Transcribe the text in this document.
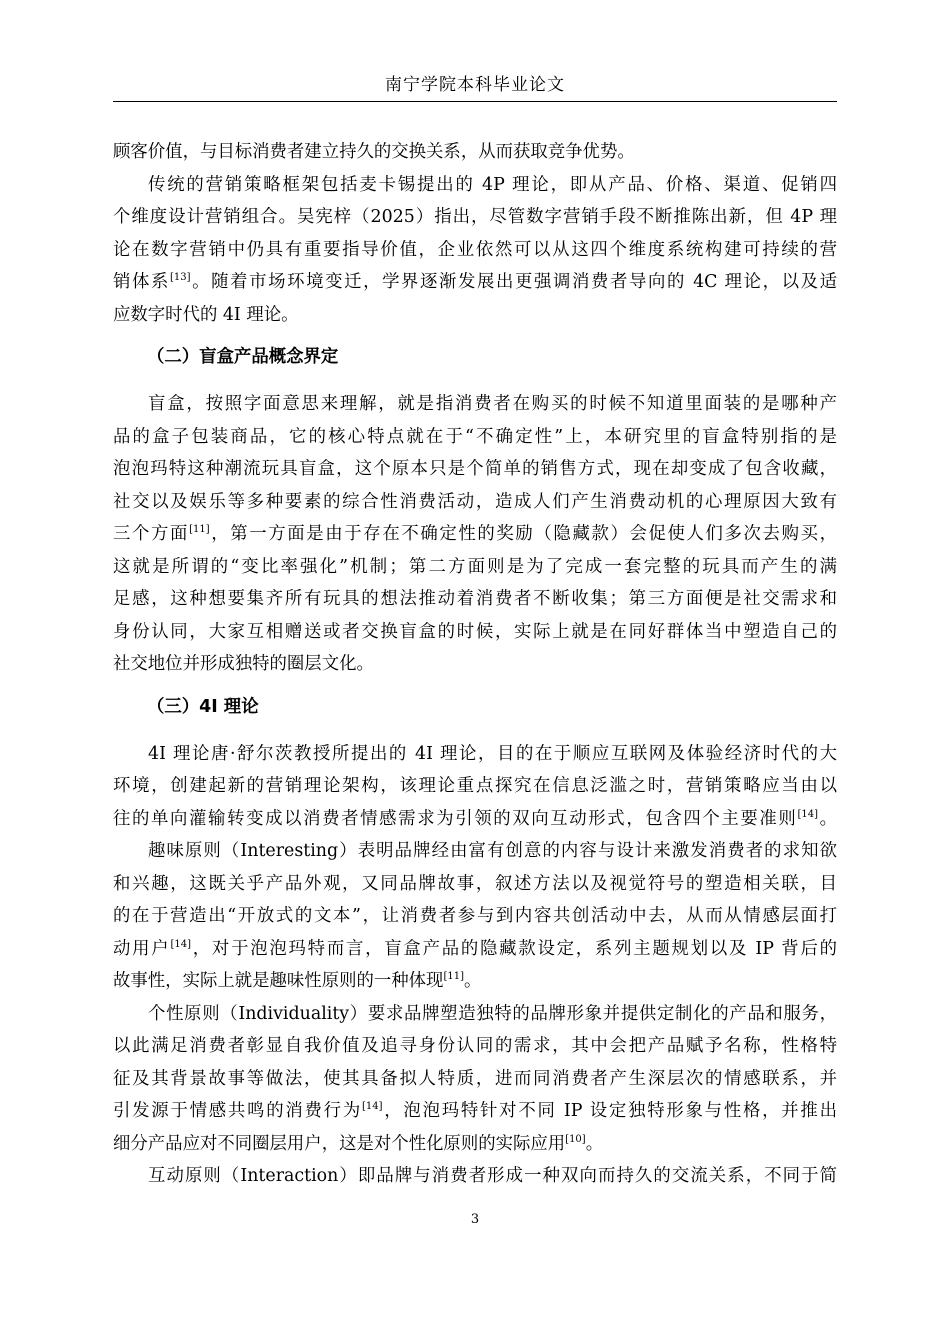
南宁学院本科毕业论文
顾客价值，与目标消费者建立持久的交换关系，从而获取竞争优势。
传统的营销策略框架包括麦卡锡提出的 4P 理论，即从产品、价格、渠道、促销四
个维度设计营销组合。吴宪梓（2025）指出，尽管数字营销手段不断推陈出新，但 4P 理
论在数字营销中仍具有重要指导价值，企业依然可以从这四个维度系统构建可持续的营
销体系[13]。随着市场环境变迁，学界逐渐发展出更强调消费者导向的 4C 理论，以及适
应数字时代的 4I 理论。
（二）盲盒产品概念界定
盲盒，按照字面意思来理解，就是指消费者在购买的时候不知道里面装的是哪种产
品的盒子包装商品，它的核心特点就在于“不确定性”上，本研究里的盲盒特别指的是
泡泡玛特这种潮流玩具盲盒，这个原本只是个简单的销售方式，现在却变成了包含收藏，
社交以及娱乐等多种要素的综合性消费活动，造成人们产生消费动机的心理原因大致有
三个方面[11]，第一方面是由于存在不确定性的奖励（隐藏款）会促使人们多次去购买，
这就是所谓的“变比率强化”机制；第二方面则是为了完成一套完整的玩具而产生的满
足感，这种想要集齐所有玩具的想法推动着消费者不断收集；第三方面便是社交需求和
身份认同，大家互相赠送或者交换盲盒的时候，实际上就是在同好群体当中塑造自己的
社交地位并形成独特的圈层文化。
（三）4I 理论
4I 理论唐·舒尔茨教授所提出的 4I 理论，目的在于顺应互联网及体验经济时代的大
环境，创建起新的营销理论架构，该理论重点探究在信息泛滥之时，营销策略应当由以
往的单向灌输转变成以消费者情感需求为引领的双向互动形式，包含四个主要准则[14]。
趣味原则（Interesting）表明品牌经由富有创意的内容与设计来激发消费者的求知欲
和兴趣，这既关乎产品外观，又同品牌故事，叙述方法以及视觉符号的塑造相关联，目
的在于营造出“开放式的文本”，让消费者参与到内容共创活动中去，从而从情感层面打
动用户[14]，对于泡泡玛特而言，盲盒产品的隐藏款设定，系列主题规划以及 IP 背后的
故事性，实际上就是趣味性原则的一种体现[11]。
个性原则（Individuality）要求品牌塑造独特的品牌形象并提供定制化的产品和服务，
以此满足消费者彰显自我价值及追寻身份认同的需求，其中会把产品赋予名称，性格特
征及其背景故事等做法，使其具备拟人特质，进而同消费者产生深层次的情感联系，并
引发源于情感共鸣的消费行为[14]，泡泡玛特针对不同 IP 设定独特形象与性格，并推出
细分产品应对不同圈层用户，这是对个性化原则的实际应用[10]。
互动原则（Interaction）即品牌与消费者形成一种双向而持久的交流关系，不同于简
3
